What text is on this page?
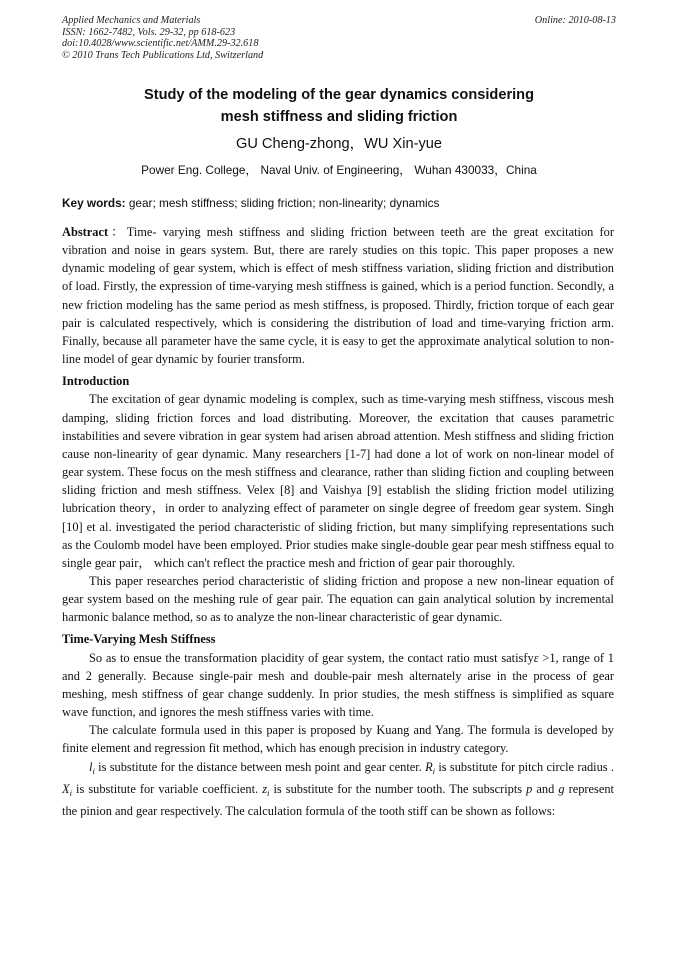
Applied Mechanics and Materials
ISSN: 1662-7482, Vols. 29-32, pp 618-623
doi:10.4028/www.scientific.net/AMM.29-32.618
© 2010 Trans Tech Publications Ltd, Switzerland
Online: 2010-08-13
Study of the modeling of the gear dynamics considering
mesh stiffness and sliding friction
GU Cheng-zhong，WU Xin-yue
Power Eng. College， Naval Univ. of Engineering， Wuhan 430033，China
Key words: gear; mesh stiffness; sliding friction; non-linearity; dynamics

Abstract：Time- varying mesh stiffness and sliding friction between teeth are the great excitation for vibration and noise in gears system. But, there are rarely studies on this topic. This paper proposes a new dynamic modeling of gear system, which is effect of mesh stiffness variation, sliding friction and distribution of load. Firstly, the expression of time-varying mesh stiffness is gained, which is a period function. Secondly, a new friction modeling has the same period as mesh stiffness, is proposed. Thirdly, friction torque of each gear pair is calculated respectively, which is considering the distribution of load and time-varying friction arm. Finally, because all parameter have the same cycle, it is easy to get the approximate analytical solution to non-line model of gear dynamic by fourier transform.

Introduction

The excitation of gear dynamic modeling is complex, such as time-varying mesh stiffness, viscous mesh damping, sliding friction forces and load distributing. Moreover, the excitation that causes parametric instabilities and severe vibration in gear system had arisen abroad attention. Mesh stiffness and sliding friction cause non-linearity of gear dynamic. Many researchers [1-7] had done a lot of work on non-linear model of gear system. These focus on the mesh stiffness and clearance, rather than sliding fiction and coupling between sliding friction and mesh stiffness. Velex [8] and Vaishya [9] establish the sliding friction model utilizing lubrication theory，in order to analyzing effect of parameter on single degree of freedom gear system. Singh [10] et al. investigated the period characteristic of sliding friction, but many simplifying representations such as the Coulomb model have been employed. Prior studies make single-double gear pear mesh stiffness equal to single gear pair， which can't reflect the practice mesh and friction of gear pair thoroughly.

This paper researches period characteristic of sliding friction and propose a new non-linear equation of gear system based on the meshing rule of gear pair. The equation can gain analytical solution by incremental harmonic balance method, so as to analyze the non-linear characteristic of gear dynamic.

Time-Varying Mesh Stiffness

So as to ensue the transformation placidity of gear system, the contact ratio must satisfyε >1, range of 1 and 2 generally. Because single-pair mesh and double-pair mesh alternately arise in the process of gear meshing, mesh stiffness of gear change suddenly. In prior studies, the mesh stiffness is simplified as square wave function, and ignores the mesh stiffness varies with time.

The calculate formula used in this paper is proposed by Kuang and Yang. The formula is developed by finite element and regression fit method, which has enough precision in industry category.

$l_i$ is substitute for the distance between mesh point and gear center. $R_i$ is substitute for pitch circle radius . $X_i$ is substitute for variable coefficient. $z_i$ is substitute for the number tooth. The subscripts p and g represent the pinion and gear respectively. The calculation formula of the tooth stiff can be shown as follows:
